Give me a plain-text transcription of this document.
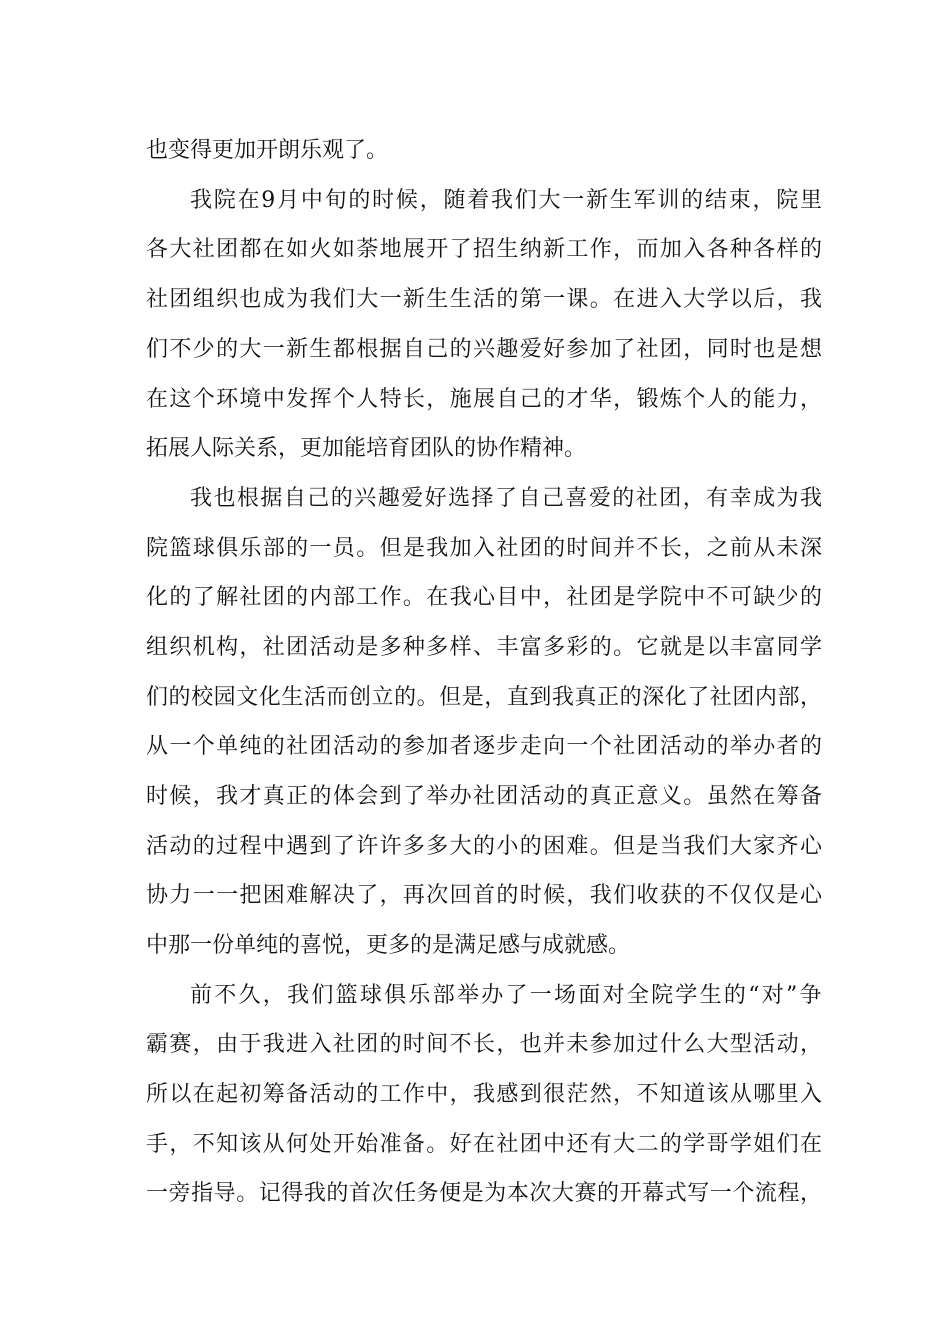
也变得更加开朗乐观了。
我院在9月中旬的时候，随着我们大一新生军训的结束，院里
各大社团都在如火如荼地展开了招生纳新工作，而加入各种各样的
社团组织也成为我们大一新生生活的第一课。在进入大学以后，我
们不少的大一新生都根据自己的兴趣爱好参加了社团，同时也是想
在这个环境中发挥个人特长，施展自己的才华，锻炼个人的能力，
拓展人际关系，更加能培育团队的协作精神。
我也根据自己的兴趣爱好选择了自己喜爱的社团，有幸成为我
院篮球俱乐部的一员。但是我加入社团的时间并不长，之前从未深
化的了解社团的内部工作。在我心目中，社团是学院中不可缺少的
组织机构，社团活动是多种多样、丰富多彩的。它就是以丰富同学
们的校园文化生活而创立的。但是，直到我真正的深化了社团内部，
从一个单纯的社团活动的参加者逐步走向一个社团活动的举办者的
时候，我才真正的体会到了举办社团活动的真正意义。虽然在筹备
活动的过程中遇到了许许多多大的小的困难。但是当我们大家齐心
协力一一把困难解决了，再次回首的时候，我们收获的不仅仅是心
中那一份单纯的喜悦，更多的是满足感与成就感。
前不久，我们篮球俱乐部举办了一场面对全院学生的“对”争
霸赛，由于我进入社团的时间不长，也并未参加过什么大型活动，
所以在起初筹备活动的工作中，我感到很茫然，不知道该从哪里入
手，不知该从何处开始准备。好在社团中还有大二的学哥学姐们在
一旁指导。记得我的首次任务便是为本次大赛的开幕式写一个流程，
